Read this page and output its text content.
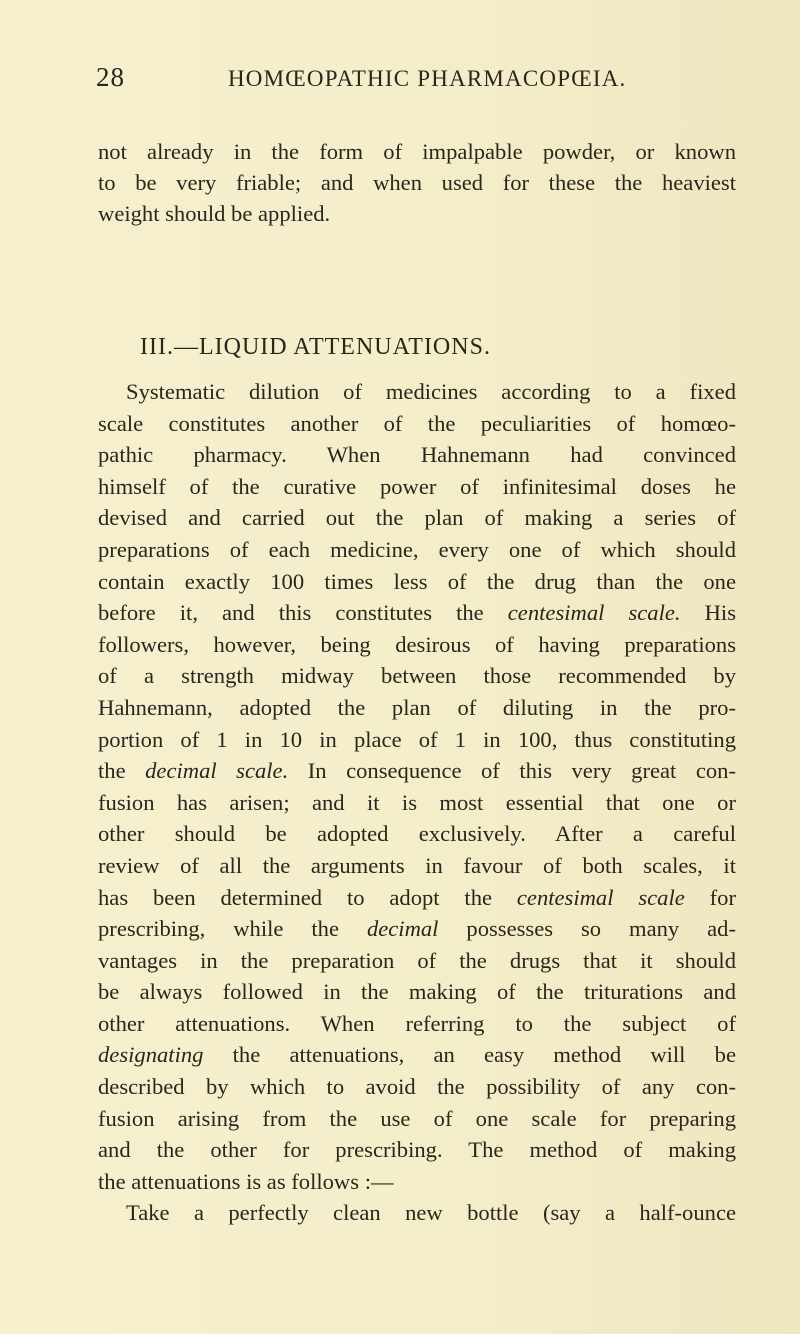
28	HOMŒOPATHIC PHARMACOPŒIA.
not already in the form of impalpable powder, or known
to be very friable; and when used for these the heaviest
weight should be applied.
III.—LIQUID ATTENUATIONS.
Systematic dilution of medicines according to a fixed
scale constitutes another of the peculiarities of homœo-
pathic pharmacy. When Hahnemann had convinced
himself of the curative power of infinitesimal doses he
devised and carried out the plan of making a series of
preparations of each medicine, every one of which should
contain exactly 100 times less of the drug than the one
before it, and this constitutes the centesimal scale. His
followers, however, being desirous of having preparations
of a strength midway between those recommended by
Hahnemann, adopted the plan of diluting in the pro-
portion of 1 in 10 in place of 1 in 100, thus constituting
the decimal scale. In consequence of this very great con-
fusion has arisen; and it is most essential that one or
other should be adopted exclusively. After a careful
review of all the arguments in favour of both scales, it
has been determined to adopt the centesimal scale for
prescribing, while the decimal possesses so many ad-
vantages in the preparation of the drugs that it should
be always followed in the making of the triturations and
other attenuations. When referring to the subject of
designating the attenuations, an easy method will be
described by which to avoid the possibility of any con-
fusion arising from the use of one scale for preparing
and the other for prescribing. The method of making
the attenuations is as follows :—
Take a perfectly clean new bottle (say a half-ounce
